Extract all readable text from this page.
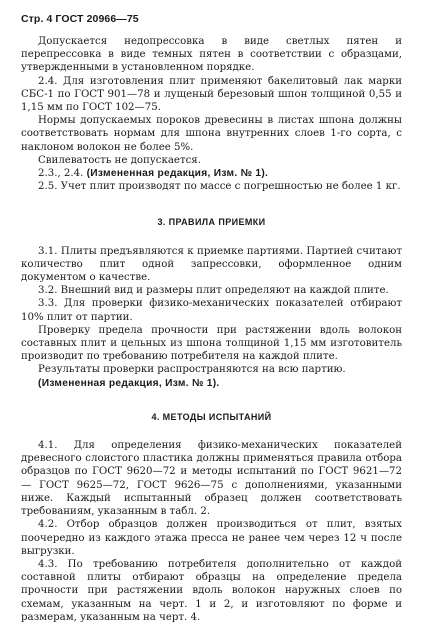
Стр. 4 ГОСТ 20966—75

Допускается недопрессовка в виде светлых пятен и перепрессовка в виде темных пятен в соответствии с образцами, утвержденными в установленном порядке.

2.4. Для изготовления плит применяют бакелитовый лак марки СБС-1 по ГОСТ 901—78 и лущеный березовый шпон толщиной 0,55 и 1,15 мм по ГОСТ 102—75.

Нормы допускаемых пороков древесины в листах шпона должны соответствовать нормам для шпона внутренних слоев 1-го сорта, с наклоном волокон не более 5%.

Свилеватость не допускается.

2.3., 2.4. (Измененная редакция, Изм. № 1).

2.5. Учет плит производят по массе с погрешностью не более 1 кг.

3. ПРАВИЛА ПРИЕМКИ

3.1. Плиты предъявляются к приемке партиями. Партией считают количество плит одной запрессовки, оформленное одним документом о качестве.

3.2. Внешний вид и размеры плит определяют на каждой плите.

3.3. Для проверки физико-механических показателей отбирают 10% плит от партии.

Проверку предела прочности при растяжении вдоль волокон составных плит и цельных из шпона толщиной 1,15 мм изготовитель производит по требованию потребителя на каждой плите.

Результаты проверки распространяются на всю партию.

(Измененная редакция, Изм. № 1).

4. МЕТОДЫ ИСПЫТАНИЙ

4.1. Для определения физико-механических показателей древесного слоистого пластика должны применяться правила отбора образцов по ГОСТ 9620—72 и методы испытаний по ГОСТ 9621—72 — ГОСТ 9625—72, ГОСТ 9626—75 с дополнениями, указанными ниже. Каждый испытанный образец должен соответствовать требованиям, указанным в табл. 2.

4.2. Отбор образцов должен производиться от плит, взятых поочередно из каждого этажа пресса не ранее чем через 12 ч после выгрузки.

4.3. По требованию потребителя дополнительно от каждой составной плиты отбирают образцы на определение предела прочности при растяжении вдоль волокон наружных слоев по схемам, указанным на черт. 1 и 2, и изготовляют по форме и размерам, указанным на черт. 4.
